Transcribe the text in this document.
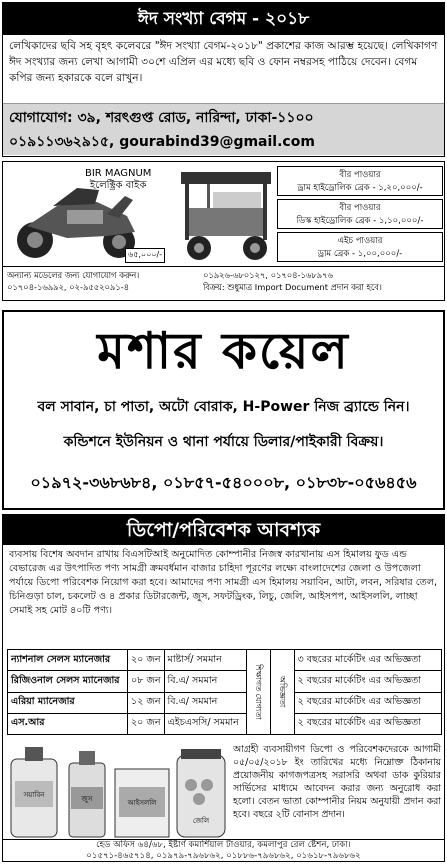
ঈদ সংখ্যা বেগম - ২০১৮
লেখিকাদের ছবি সহ বৃহৎ কলেবরে "ঈদ সংখ্যা বেগম-২০১৮" প্রকাশের কাজ আরম্ভ হয়েছে। লেখিকাগণ ঈদ সংখ্যার জন্য লেখা আগামী ৩০শে এপ্রিল এর মধ্যে ছবি ও ফোন নম্বরসহ পাঠিয়ে দেবেন। বেগম কপির জন্য হকারকে বলে রাখুন।
যোগাযোগ: ৩৯, শরৎগুপ্ত রোড, নারিন্দা, ঢাকা-১১০০
০১৯১১৩৬২৯১৫, gourabind39@gmail.com
BIR MAGNUM
ইলেক্ট্রিক বাইক
৬৫,০০০/-
বীর পাওয়ার
ড্রাম হাইড্রোলিক ব্রেক - ১,২০,০০০/-
বীর পাওয়ার
ডিস্ক হাইড্রোলিক ব্রেক - ১,১০,০০০/-
এইচ পাওয়ার
ড্রাম ব্রেক - ১,০০,০০০/-
অন্যান্য মডেলের জন্য যোগাযোগ করুন।
০১৭০৪-১৬৯৯২, ০২-৯৫৫২০৯১-৪
০১৯২৬-৬৮০১২৭, ০১৭০৪-১৬৮৯৭৬
বিক্রয়: শুধুমাত্র Import Document প্রদান করা হবে।
মশার কয়েল
বল সাবান, চা পাতা, অটো বোরাক, H-Power নিজ ব্র্যান্ডে নিন।
কন্ডিশনে ইউনিয়ন ও থানা পর্যায়ে ডিলার/পাইকারী বিক্রয়।
০১৯৭২-৩৬৮৬৮৪, ০১৮৫৭-৫৪০০০৮, ০১৮৩৮-০৫৬৪৫৬
ডিপো/পরিবেশক আবশ্যক
ব্যবসায় বিশেষ অবদান রাখায় বিএসটিআই অনুমোদিত কোম্পানীর নিজস্ব কারখানায় এস হিমালয় ফুড এন্ড বেভারেজ এর উৎপাদিত পণ্য সামগ্রী ক্রমবর্ধমান বাজার চাহিদা পূরণের লক্ষ্যে বাংলাদেশের জেলা ও উপজেলা পর্যায়ে ডিপো পরিবেশক নিয়োগ করা হবে। আমাদের পণ্য সামগ্রী এস হিমালয় সয়াবিন, আটা, লবন, সরিষার তেল, চিনিগুড়া চাল, চকলেট ও ৪ প্রকার ডিটারজেন্ট, জুস, সফটড্রিংক, লিচু, জেলি, আইসপপ, আইসললি, লাচ্ছা সেমাই সহ মোট ৪০টি পণ্য।
ন্যাশনাল সেলস ম্যানেজার	২০ জন	মাষ্টার্স/ সমমান	শিক্ষাগত যোগ্যতা	অভিজ্ঞতা	৩ বছরের মার্কেটিং এর অভিজ্ঞতা
রিজিওনাল সেলস ম্যানেজার	০৮ জন	বি.এ/ সমমান			২ বছরের মার্কেটিং এর অভিজ্ঞতা
এরিয়া ম্যানেজার	১২ জন	বি.এ/ সমমান			২ বছরের মার্কেটিং এর অভিজ্ঞতা
এস.আর	২০ জন	এইচএসসি/ সমমান			২ বছরের মার্কেটিং এর অভিজ্ঞতা
সয়াবিন	জুস	আইসললি
জেলি
আগ্রহী ব্যবসায়ীগণ ডিপো ও পরিবেশকদেরকে আগামী ০৫/০৫/২০১৮ ইং তারিখের মধ্যে নিম্নোক্ত ঠিকানায় প্রয়োজনীয় কাগজপত্রসহ সরাসরি অথবা ডাক কুরিয়ার সার্ভিসের মাধ্যমে আবেদন করার জন্য অনুরোধ করা হলো। বেতন ভাতা কোম্পানীর নিয়ম অনুযায়ী প্রদান করা হবে। বছরে ২টি বোনাস প্রদান।
হেড অফিস ৬৪/৬৮, ইষ্টার্ণ কমার্শিয়াল টাওয়ার, কমলাপুর রেল ষ্টেশন, ঢাকা।
০১৫৭১-৪৬৫৭১৪, ০১৯৭৯-৭৯৬৮৬২, ০১৮৮৬-৭৯৬৮৬২, ০১৬১৮-৭৯৬৮৬২
